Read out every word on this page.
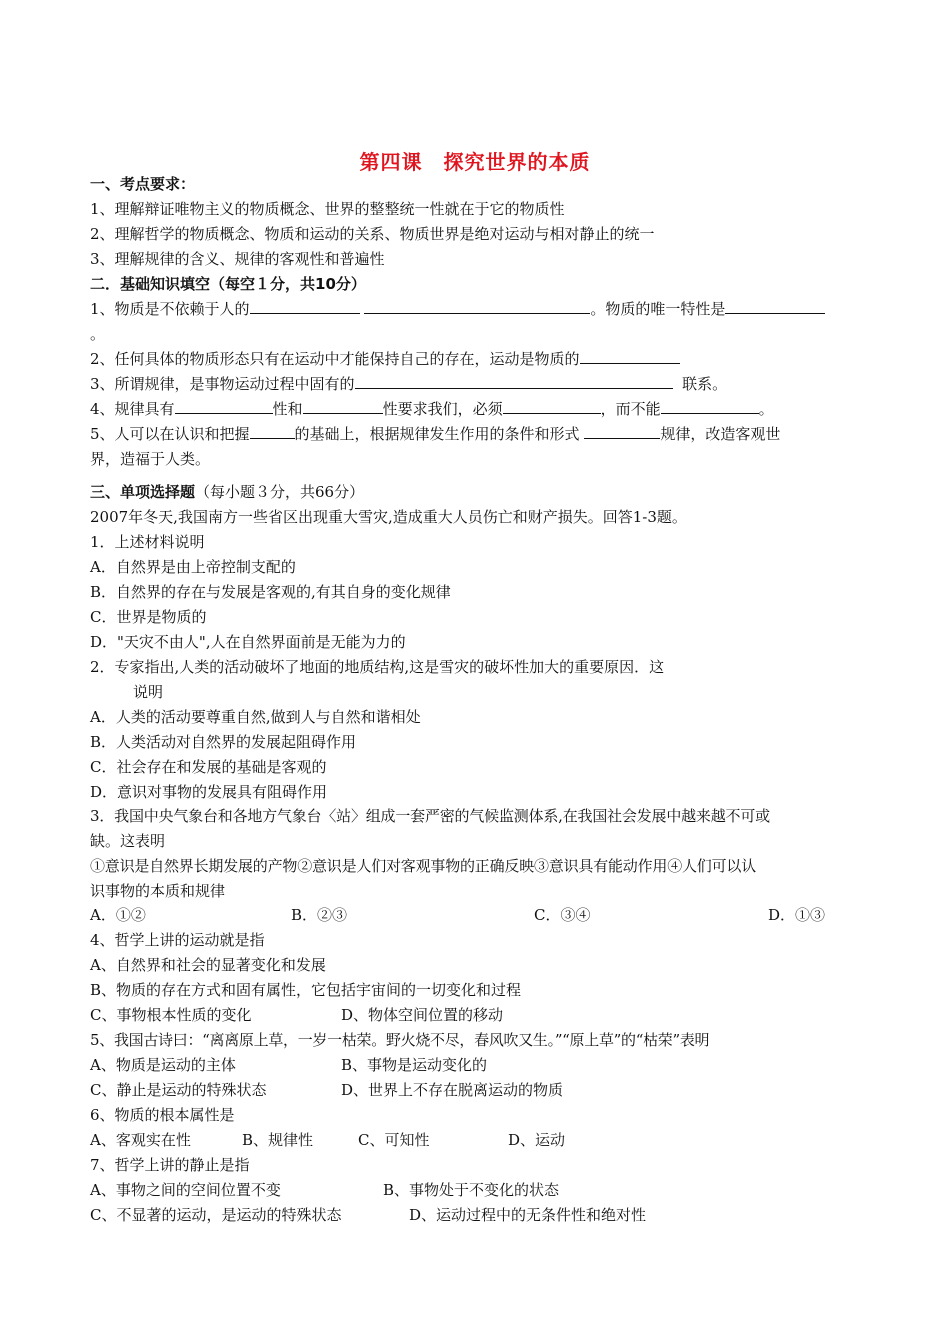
第四课　探究世界的本质
一、考点要求：
1、理解辩证唯物主义的物质概念、世界的整整统一性就在于它的物质性
2、理解哲学的物质概念、物质和运动的关系、物质世界是绝对运动与相对静止的统一
3、理解规律的含义、规律的客观性和普遍性
二．基础知识填空（每空１分，共10分）
1、物质是不依赖于人的	。物质的唯一特性是
。
2、任何具体的物质形态只有在运动中才能保持自己的存在，运动是物质的
3、所谓规律，是事物运动过程中固有的	联系。
4、规律具有	性和	性要求我们，必须	，而不能	。
5、人可以在认识和把握	的基础上，根据规律发生作用的条件和形式	规律，改造客观世
界，造福于人类。
三、单项选择题（每小题３分，共66分）
2007年冬天,我国南方一些省区出现重大雪灾,造成重大人员伤亡和财产损失。回答1-3题。
1．上述材料说明
A．自然界是由上帝控制支配的
B．自然界的存在与发展是客观的,有其自身的变化规律
C．世界是物质的
D．"天灾不由人",人在自然界面前是无能为力的
2．专家指出,人类的活动破坏了地面的地质结构,这是雪灾的破坏性加大的重要原因．这
说明
A．人类的活动要尊重自然,做到人与自然和谐相处
B．人类活动对自然界的发展起阻碍作用
C．社会存在和发展的基础是客观的
D．意识对事物的发展具有阻碍作用
3．我国中央气象台和各地方气象台〈站〉组成一套严密的气候监测体系,在我国社会发展中越来越不可或
缺。这表明
①意识是自然界长期发展的产物②意识是人们对客观事物的正确反映③意识具有能动作用④人们可以认
识事物的本质和规律
A．①②	B．②③	C．③④	D．①③
4、哲学上讲的运动就是指
A、自然界和社会的显著变化和发展
B、物质的存在方式和固有属性，它包括宇宙间的一切变化和过程
C、事物根本性质的变化	D、物体空间位置的移动
5、我国古诗曰：“离离原上草，一岁一枯荣。野火烧不尽，春风吹又生。”“原上草”的“枯荣”表明
A、物质是运动的主体	B、事物是运动变化的
C、静止是运动的特殊状态	D、世界上不存在脱离运动的物质
6、物质的根本属性是
A、客观实在性	B、规律性	C、可知性	D、运动
7、哲学上讲的静止是指
A、事物之间的空间位置不变	B、事物处于不变化的状态
C、不显著的运动，是运动的特殊状态	D、运动过程中的无条件性和绝对性
